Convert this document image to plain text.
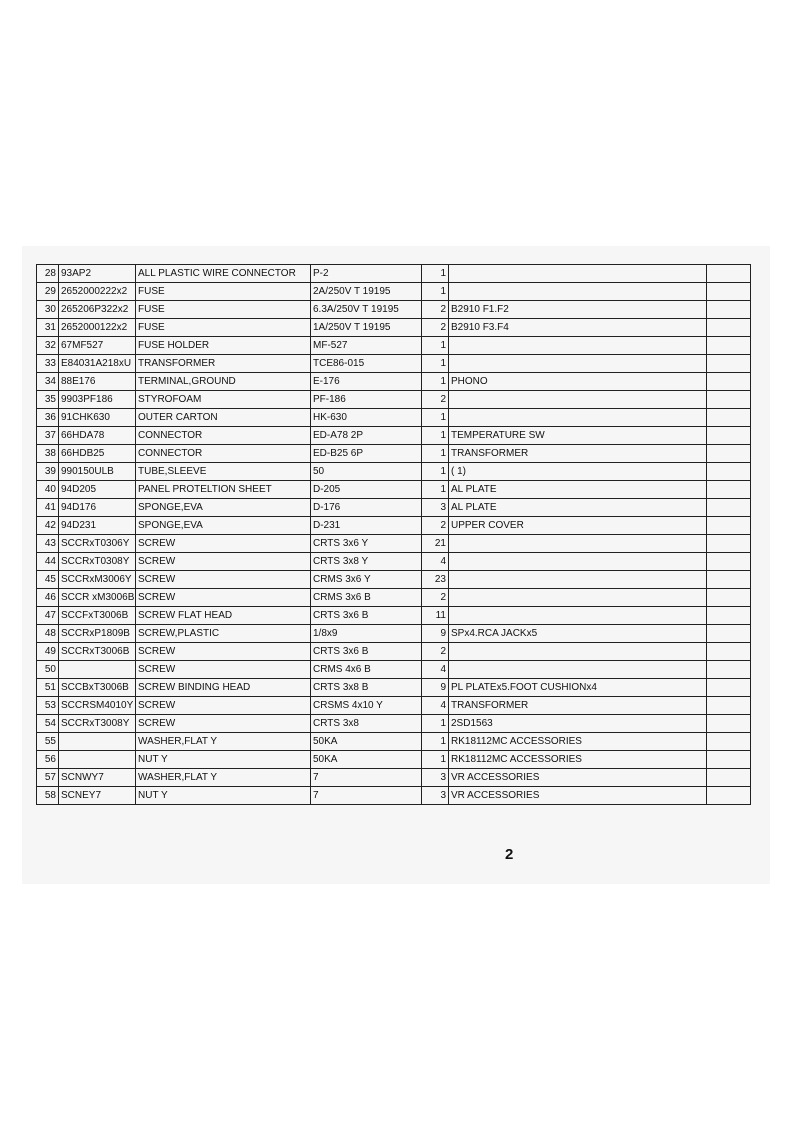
28	93AP2	ALL PLASTIC WIRE CONNECTOR	P-2	1		
29	2652000222x2	FUSE	2A/250V T 19195	1		
30	265206P322x2	FUSE	6.3A/250V T 19195	2	B2910 F1.F2	
31	2652000122x2	FUSE	1A/250V T 19195	2	B2910 F3.F4	
32	67MF527	FUSE HOLDER	MF-527	1		
33	E84031A218xU	TRANSFORMER	TCE86-015	1		
34	88E176	TERMINAL,GROUND	E-176	1	PHONO	
35	9903PF186	STYROFOAM	PF-186	2		
36	91CHK630	OUTER CARTON	HK-630	1		
37	66HDA78	CONNECTOR	ED-A78 2P	1	TEMPERATURE SW	
38	66HDB25	CONNECTOR	ED-B25 6P	1	TRANSFORMER	
39	990150ULB	TUBE,SLEEVE	50	1	( 1)	
40	94D205	PANEL PROTELTION SHEET	D-205	1	AL PLATE	
41	94D176	SPONGE,EVA	D-176	3	AL PLATE	
42	94D231	SPONGE,EVA	D-231	2	UPPER COVER	
43	SCCRxT0306Y	SCREW	CRTS 3x6 Y	21		
44	SCCRxT0308Y	SCREW	CRTS 3x8 Y	4		
45	SCCRxM3006Y	SCREW	CRMS 3x6 Y	23		
46	SCCR xM3006B	SCREW	CRMS 3x6 B	2		
47	SCCFxT3006B	SCREW FLAT HEAD	CRTS 3x6 B	11		
48	SCCRxP1809B	SCREW,PLASTIC	1/8x9	9	SPx4.RCA JACKx5	
49	SCCRxT3006B	SCREW	CRTS 3x6 B	2		
50		SCREW	CRMS 4x6 B	4		
51	SCCBxT3006B	SCREW BINDING HEAD	CRTS 3x8 B	9	PL PLATEx5.FOOT CUSHIONx4	
53	SCCRSM4010Y	SCREW	CRSMS 4x10 Y	4	TRANSFORMER	
54	SCCRxT3008Y	SCREW	CRTS 3x8	1	2SD1563	
55		WASHER,FLAT Y	50KA	1	RK18112MC ACCESSORIES	
56		NUT Y	50KA	1	RK18112MC ACCESSORIES	
57	SCNWY7	WASHER,FLAT Y	7	3	VR ACCESSORIES	
58	SCNEY7	NUT Y	7	3	VR ACCESSORIES	
2
